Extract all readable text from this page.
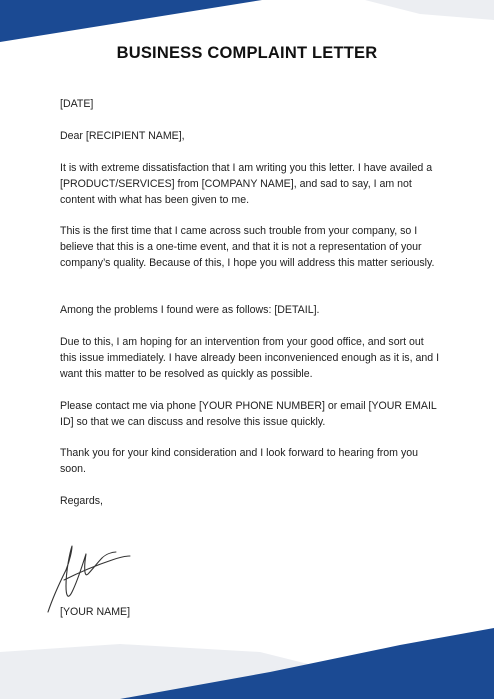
BUSINESS COMPLAINT LETTER

[DATE]

Dear [RECIPIENT NAME],

It is with extreme dissatisfaction that I am writing you this letter. I have availed a [PRODUCT/SERVICES] from [COMPANY NAME], and sad to say, I am not content with what has been given to me.

This is the first time that I came across such trouble from your company, so I believe that this is a one-time event, and that it is not a representation of your company’s quality. Because of this, I hope you will address this matter seriously.

Among the problems I found were as follows: [DETAIL].

Due to this, I am hoping for an intervention from your good office, and sort out this issue immediately. I have already been inconvenienced enough as it is, and I want this matter to be resolved as quickly as possible.

Please contact me via phone [YOUR PHONE NUMBER] or email [YOUR EMAIL ID] so that we can discuss and resolve this issue quickly.

Thank you for your kind consideration and I look forward to hearing from you soon.

Regards,

[YOUR NAME]
